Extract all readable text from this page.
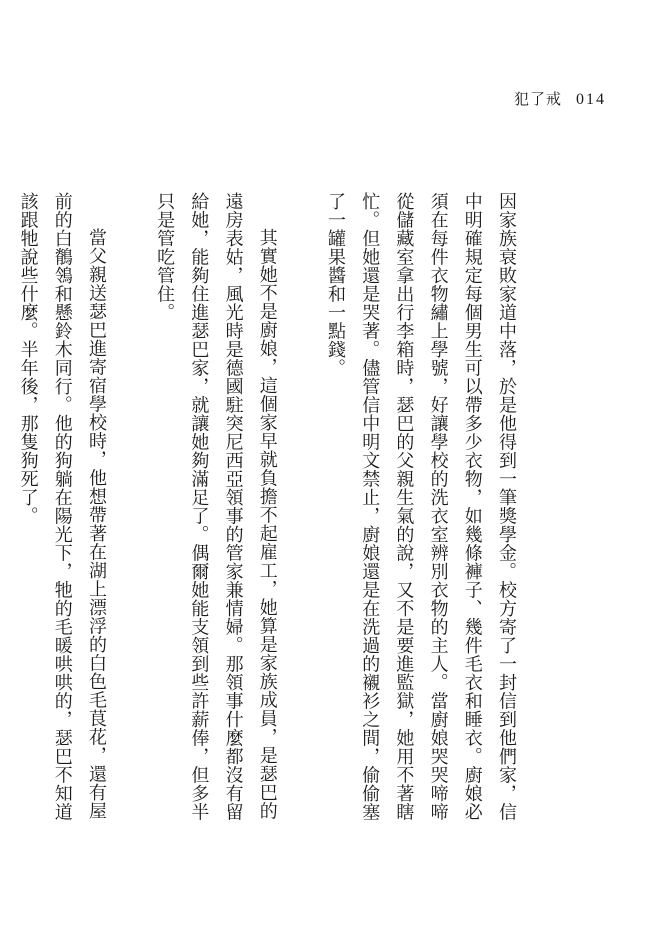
犯了戒 014

因家族衰敗家道中落，於是他得到一筆獎學金。校方寄了一封信到他們家，信中明確規定每個男生可以帶多少衣物，如幾條褲子、幾件毛衣和睡衣。廚娘必須在每件衣物繡上學號，好讓學校的洗衣室辨別衣物的主人。當廚娘哭哭啼啼從儲藏室拿出行李箱時，瑟巴的父親生氣的說，又不是要進監獄，她用不著瞎忙。但她還是哭著。儘管信中明文禁止，廚娘還是在洗過的襯衫之間，偷偷塞了一罐果醬和一點錢。

其實她不是廚娘，這個家早就負擔不起雇工，她算是家族成員，是瑟巴的遠房表姑，風光時是德國駐突尼西亞領事的管家兼情婦。那領事什麼都沒有留給她，能夠住進瑟巴家，就讓她夠滿足了。偶爾她能支領到些許薪俸，但多半只是管吃管住。

當父親送瑟巴進寄宿學校時，他想帶著在湖上漂浮的白色毛茛花，還有屋前的白鶺鴒和懸鈴木同行。他的狗躺在陽光下，牠的毛暖哄哄的，瑟巴不知道該跟牠說些什麼。半年後，那隻狗死了。
